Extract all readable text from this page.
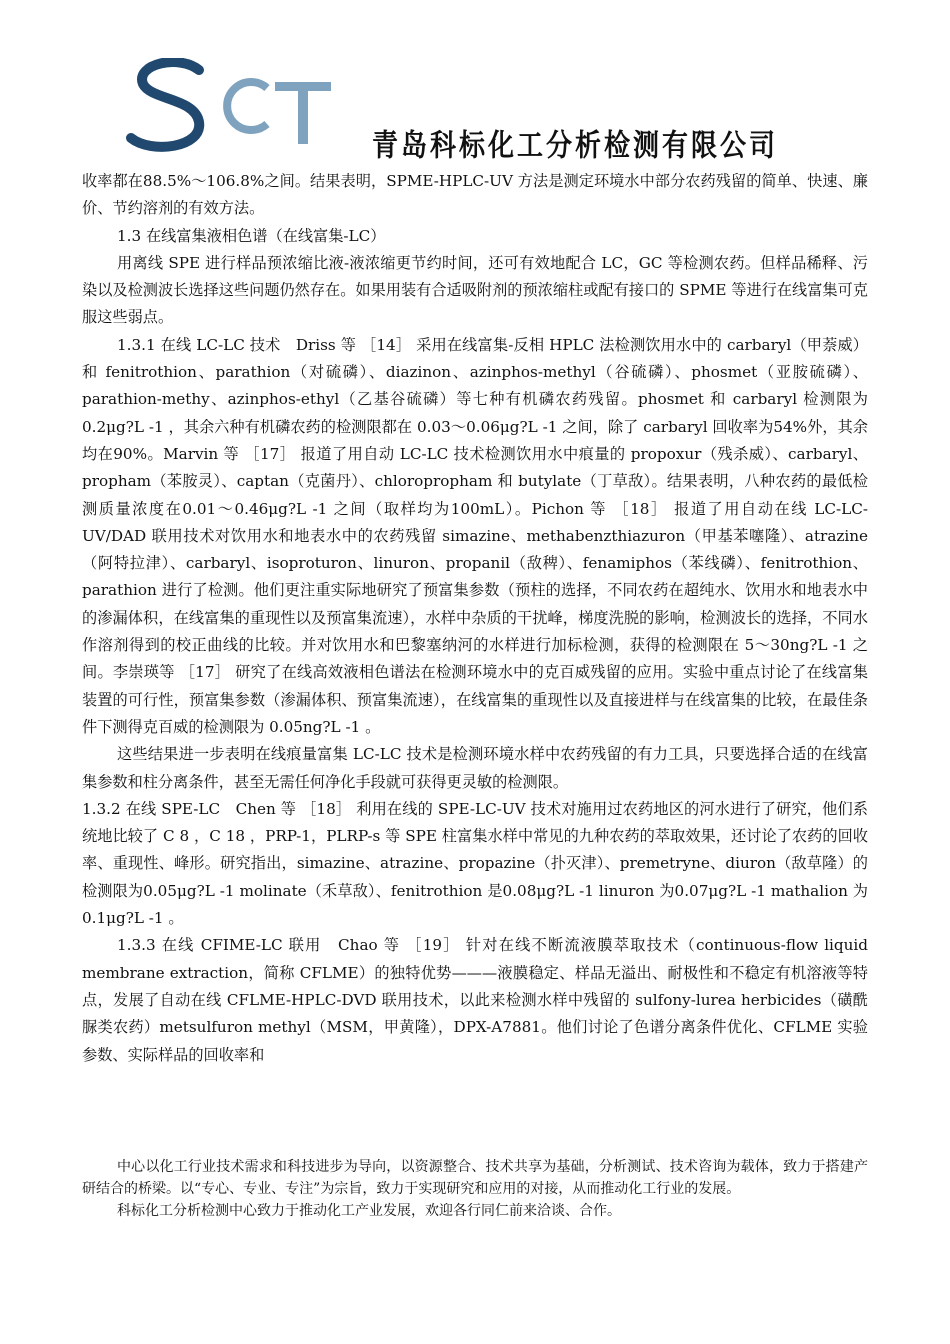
青岛科标化工分析检测有限公司

收率都在88.5%～106.8%之间。结果表明，SPME-HPLC-UV 方法是测定环境水中部分农药残留的简单、快速、廉价、节约溶剂的有效方法。

1.3 在线富集液相色谱（在线富集-LC）

用离线 SPE 进行样品预浓缩比液-液浓缩更节约时间，还可有效地配合 LC，GC 等检测农药。但样品稀释、污染以及检测波长选择这些问题仍然存在。如果用装有合适吸附剂的预浓缩柱或配有接口的 SPME 等进行在线富集可克服这些弱点。

1.3.1 在线 LC-LC 技术　Driss 等 ［14］ 采用在线富集-反相 HPLC 法检测饮用水中的 carbaryl（甲萘威）和 fenitrothion、parathion（对硫磷）、diazinon、azinphos-methyl（谷硫磷）、phosmet（亚胺硫磷）、parathion-methy、azinphos-ethyl（乙基谷硫磷）等七种有机磷农药残留。phosmet 和 carbaryl 检测限为0.2μg?L -1 ，其余六种有机磷农药的检测限都在 0.03～0.06μg?L -1 之间，除了 carbaryl 回收率为54%外，其余均在90%。Marvin 等 ［17］ 报道了用自动 LC-LC 技术检测饮用水中痕量的 propoxur（残杀威）、carbaryl、propham（苯胺灵）、captan（克菌丹）、chloropropham 和 butylate（丁草敌）。结果表明，八种农药的最低检测质量浓度在0.01～0.46μg?L -1 之间（取样均为100mL）。Pichon 等 ［18］ 报道了用自动在线 LC-LC-UV/DAD 联用技术对饮用水和地表水中的农药残留 simazine、methabenzthiazuron（甲基苯噻隆）、atrazine（阿特拉津）、carbaryl、isoproturon、linuron、propanil（敌稗）、fenamiphos（苯线磷）、fenitrothion、parathion 进行了检测。他们更注重实际地研究了预富集参数（预柱的选择，不同农药在超纯水、饮用水和地表水中的渗漏体积，在线富集的重现性以及预富集流速），水样中杂质的干扰峰，梯度洗脱的影响，检测波长的选择，不同水作溶剂得到的校正曲线的比较。并对饮用水和巴黎塞纳河的水样进行加标检测，获得的检测限在 5～30ng?L -1 之间。李崇瑛等 ［17］ 研究了在线高效液相色谱法在检测环境水中的克百威残留的应用。实验中重点讨论了在线富集装置的可行性，预富集参数（渗漏体积、预富集流速），在线富集的重现性以及直接进样与在线富集的比较，在最佳条件下测得克百威的检测限为 0.05ng?L -1 。

这些结果进一步表明在线痕量富集 LC-LC 技术是检测环境水样中农药残留的有力工具，只要选择合适的在线富集参数和柱分离条件，甚至无需任何净化手段就可获得更灵敏的检测限。

1.3.2 在线 SPE-LC　Chen 等 ［18］ 利用在线的 SPE-LC-UV 技术对施用过农药地区的河水进行了研究，他们系统地比较了 C 8 ，C 18 ，PRP-1，PLRP-s 等 SPE 柱富集水样中常见的九种农药的萃取效果，还讨论了农药的回收率、重现性、峰形。研究指出，simazine、atrazine、propazine（扑灭津）、premetryne、diuron（敌草隆）的检测限为0.05μg?L -1 molinate（禾草敌）、fenitrothion 是0.08μg?L -1 linuron 为0.07μg?L -1 mathalion 为0.1μg?L -1 。

1.3.3 在线 CFIME-LC 联用　Chao 等 ［19］ 针对在线不断流液膜萃取技术（continuous-flow liquid membrane extraction，简称 CFLME）的独特优势———液膜稳定、样品无溢出、耐极性和不稳定有机溶液等特点，发展了自动在线 CFLME-HPLC-DVD 联用技术，以此来检测水样中残留的 sulfony-lurea herbicides（磺酰脲类农药）metsulfuron methyl（MSM，甲黄隆），DPX-A7881。他们讨论了色谱分离条件优化、CFLME 实验参数、实际样品的回收率和

中心以化工行业技术需求和科技进步为导向，以资源整合、技术共享为基础，分析测试、技术咨询为载体，致力于搭建产研结合的桥梁。以“专心、专业、专注”为宗旨，致力于实现研究和应用的对接，从而推动化工行业的发展。

科标化工分析检测中心致力于推动化工产业发展，欢迎各行同仁前来洽谈、合作。
